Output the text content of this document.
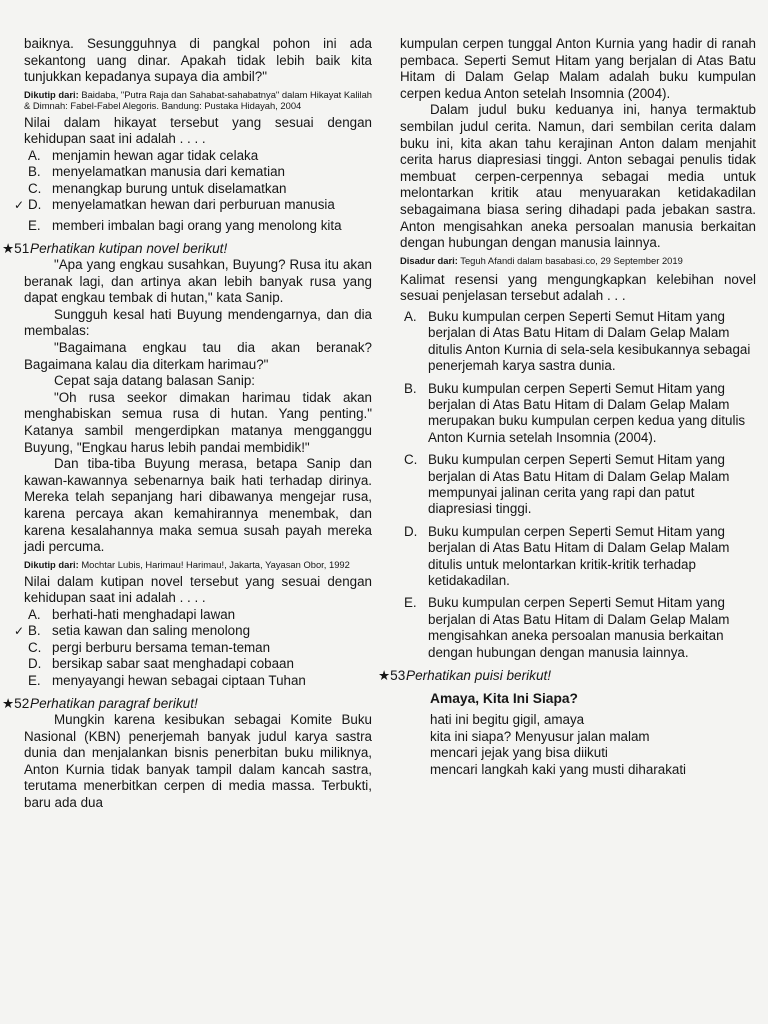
baiknya. Sesungguhnya di pangkal pohon ini ada sekantong uang dinar. Apakah tidak lebih baik kita tunjukkan kepadanya supaya dia ambil?"

Dikutip dari: Baidaba, "Putra Raja dan Sahabat-sahabatnya" dalam Hikayat Kalilah & Dimnah: Fabel-Fabel Alegoris. Bandung: Pustaka Hidayah, 2004

Nilai dalam hikayat tersebut yang sesuai dengan kehidupan saat ini adalah . . . .

A. menjamin hewan agar tidak celaka
B. menyelamatkan manusia dari kematian
C. menangkap burung untuk diselamatkan
✓ D. menyelamatkan hewan dari perburuan manusia
E. memberi imbalan bagi orang yang menolong kita

★51.
Perhatikan kutipan novel berikut!

"Apa yang engkau susahkan, Buyung? Rusa itu akan beranak lagi, dan artinya akan lebih banyak rusa yang dapat engkau tembak di hutan," kata Sanip.

Sungguh kesal hati Buyung mendengarnya, dan dia membalas:

"Bagaimana engkau tau dia akan beranak? Bagaimana kalau dia diterkam harimau?"

Cepat saja datang balasan Sanip:

"Oh rusa seekor dimakan harimau tidak akan menghabiskan semua rusa di hutan. Yang penting." Katanya sambil mengerdipkan matanya mengganggu Buyung, "Engkau harus lebih pandai membidik!"

Dan tiba-tiba Buyung merasa, betapa Sanip dan kawan-kawannya sebenarnya baik hati terhadap dirinya. Mereka telah sepanjang hari dibawanya mengejar rusa, karena percaya akan kemahirannya menembak, dan karena kesalahannya maka semua susah payah mereka jadi percuma.

Dikutip dari: Mochtar Lubis, Harimau! Harimau!, Jakarta, Yayasan Obor, 1992

Nilai dalam kutipan novel tersebut yang sesuai dengan kehidupan saat ini adalah . . . .

A. berhati-hati menghadapi lawan
✓ B. setia kawan dan saling menolong
C. pergi berburu bersama teman-teman
D. bersikap sabar saat menghadapi cobaan
E. menyayangi hewan sebagai ciptaan Tuhan

★52.
Perhatikan paragraf berikut!

Mungkin karena kesibukan sebagai Komite Buku Nasional (KBN) penerjemah banyak judul karya sastra dunia dan menjalankan bisnis penerbitan buku miliknya, Anton Kurnia tidak banyak tampil dalam kancah sastra, terutama menerbitkan cerpen di media massa. Terbukti, baru ada dua

kumpulan cerpen tunggal Anton Kurnia yang hadir di ranah pembaca. Seperti Semut Hitam yang berjalan di Atas Batu Hitam di Dalam Gelap Malam adalah buku kumpulan cerpen kedua Anton setelah Insomnia (2004).

Dalam judul buku keduanya ini, hanya termaktub sembilan judul cerita. Namun, dari sembilan cerita dalam buku ini, kita akan tahu kerajinan Anton dalam menjahit cerita harus diapresiasi tinggi. Anton sebagai penulis tidak membuat cerpen-cerpennya sebagai media untuk melontarkan kritik atau menyuarakan ketidakadilan sebagaimana biasa sering dihadapi pada jebakan sastra. Anton mengisahkan aneka persoalan manusia berkaitan dengan hubungan dengan manusia lainnya.

Disadur dari: Teguh Afandi dalam basabasi.co, 29 September 2019

Kalimat resensi yang mengungkapkan kelebihan novel sesuai penjelasan tersebut adalah . . .

A. Buku kumpulan cerpen Seperti Semut Hitam yang berjalan di Atas Batu Hitam di Dalam Gelap Malam ditulis Anton Kurnia di sela-sela kesibukannya sebagai penerjemah karya sastra dunia.
B. Buku kumpulan cerpen Seperti Semut Hitam yang berjalan di Atas Batu Hitam di Dalam Gelap Malam merupakan buku kumpulan cerpen kedua yang ditulis Anton Kurnia setelah Insomnia (2004).
C. Buku kumpulan cerpen Seperti Semut Hitam yang berjalan di Atas Batu Hitam di Dalam Gelap Malam mempunyai jalinan cerita yang rapi dan patut diapresiasi tinggi.
D. Buku kumpulan cerpen Seperti Semut Hitam yang berjalan di Atas Batu Hitam di Dalam Gelap Malam ditulis untuk melontarkan kritik-kritik terhadap ketidakadilan.
E. Buku kumpulan cerpen Seperti Semut Hitam yang berjalan di Atas Batu Hitam di Dalam Gelap Malam mengisahkan aneka persoalan manusia berkaitan dengan hubungan dengan manusia lainnya.

★53.
Perhatikan puisi berikut!

Amaya, Kita Ini Siapa?

hati ini begitu gigil, amaya

kita ini siapa? Menyusur jalan malam

mencari jejak yang bisa diikuti

mencari langkah kaki yang musti diharakati
